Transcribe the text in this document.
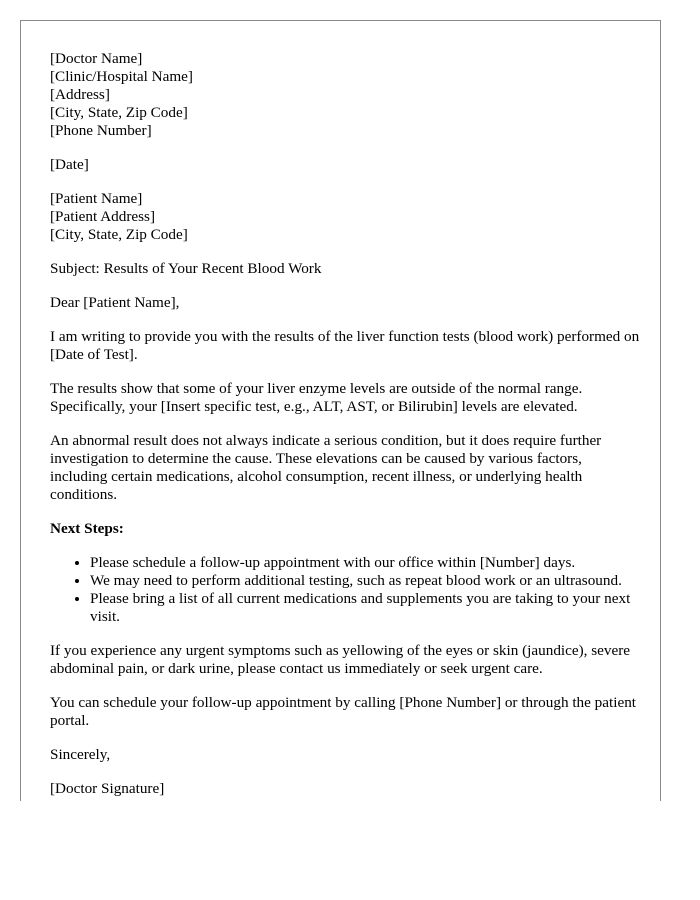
[Doctor Name]
[Clinic/Hospital Name]
[Address]
[City, State, Zip Code]
[Phone Number]

[Date]

[Patient Name]
[Patient Address]
[City, State, Zip Code]

Subject: Results of Your Recent Blood Work

Dear [Patient Name],

I am writing to provide you with the results of the liver function tests (blood work) performed on [Date of Test].

The results show that some of your liver enzyme levels are outside of the normal range. Specifically, your [Insert specific test, e.g., ALT, AST, or Bilirubin] levels are elevated.

An abnormal result does not always indicate a serious condition, but it does require further investigation to determine the cause. These elevations can be caused by various factors, including certain medications, alcohol consumption, recent illness, or underlying health conditions.

Next Steps:

• Please schedule a follow-up appointment with our office within [Number] days.
• We may need to perform additional testing, such as repeat blood work or an ultrasound.
• Please bring a list of all current medications and supplements you are taking to your next visit.

If you experience any urgent symptoms such as yellowing of the eyes or skin (jaundice), severe abdominal pain, or dark urine, please contact us immediately or seek urgent care.

You can schedule your follow-up appointment by calling [Phone Number] or through the patient portal.

Sincerely,

[Doctor Signature]
